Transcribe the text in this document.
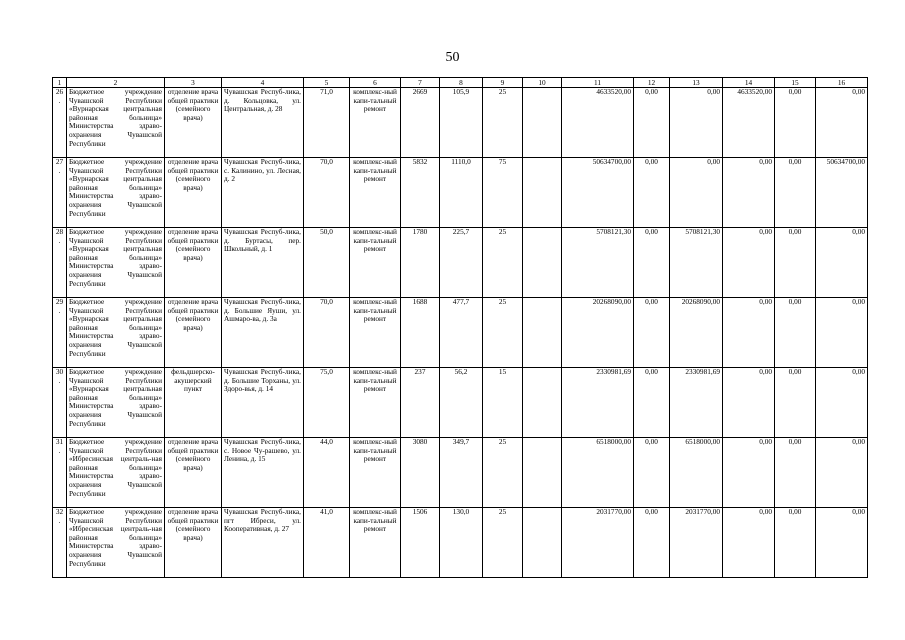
50
1	2	3	4	5	6	7	8	9	10	11	12	13	14	15	16
26.	Бюджетное учреждение Чувашской Республики «Вурнарская центральная районная больница» Министерства здраво-охранения Чувашской Республики	отделение врача общей практики (семейного врача)	Чувашская Респуб-лика, д. Кольцовка, ул. Центральная, д. 28	71,0	комплекс-ный капи-тальный ремонт	2669	105,9	25		4633520,00	0,00	0,00	4633520,00	0,00	0,00
27.	Бюджетное учреждение Чувашской Республики «Вурнарская центральная районная больница» Министерства здраво-охранения Чувашской Республики	отделение врача общей практики (семейного врача)	Чувашская Респуб-лика, с. Калинино, ул. Лесная, д. 2	70,0	комплекс-ный капи-тальный ремонт	5832	1110,0	75		50634700,00	0,00	0,00	0,00	0,00	50634700,00
28.	Бюджетное учреждение Чувашской Республики «Вурнарская центральная районная больница» Министерства здраво-охранения Чувашской Республики	отделение врача общей практики (семейного врача)	Чувашская Респуб-лика, д. Буртасы, пер. Школьный, д. 1	50,0	комплекс-ный капи-тальный ремонт	1780	225,7	25		5708121,30	0,00	5708121,30	0,00	0,00	0,00
29.	Бюджетное учреждение Чувашской Республики «Вурнарская центральная районная больница» Министерства здраво-охранения Чувашской Республики	отделение врача общей практики (семейного врача)	Чувашская Респуб-лика, д. Большие Яуши, ул. Ашмаро-ва, д. 3а	70,0	комплекс-ный капи-тальный ремонт	1688	477,7	25		20268090,00	0,00	20268090,00	0,00	0,00	0,00
30.	Бюджетное учреждение Чувашской Республики «Вурнарская центральная районная больница» Министерства здраво-охранения Чувашской Республики	фельдшерско-акушерский пункт	Чувашская Респуб-лика, д. Большие Торханы, ул. Здоро-вья, д. 14	75,0	комплекс-ный капи-тальный ремонт	237	56,2	15		2330981,69	0,00	2330981,69	0,00	0,00	0,00
31.	Бюджетное учреждение Чувашской Республики «Ибресинская централь-ная районная больница» Министерства здраво-охранения Чувашской Республики	отделение врача общей практики (семейного врача)	Чувашская Респуб-лика, с. Новое Чу-рашево, ул. Ленина, д. 15	44,0	комплекс-ный капи-тальный ремонт	3080	349,7	25		6518000,00	0,00	6518000,00	0,00	0,00	0,00
32.	Бюджетное учреждение Чувашской Республики «Ибресинская централь-ная районная больница» Министерства здраво-охранения Чувашской Республики	отделение врача общей практики (семейного врача)	Чувашская Респуб-лика, пгт Ибреси, ул. Кооперативная, д. 27	41,0	комплекс-ный капи-тальный ремонт	1506	130,0	25		2031770,00	0,00	2031770,00	0,00	0,00	0,00
